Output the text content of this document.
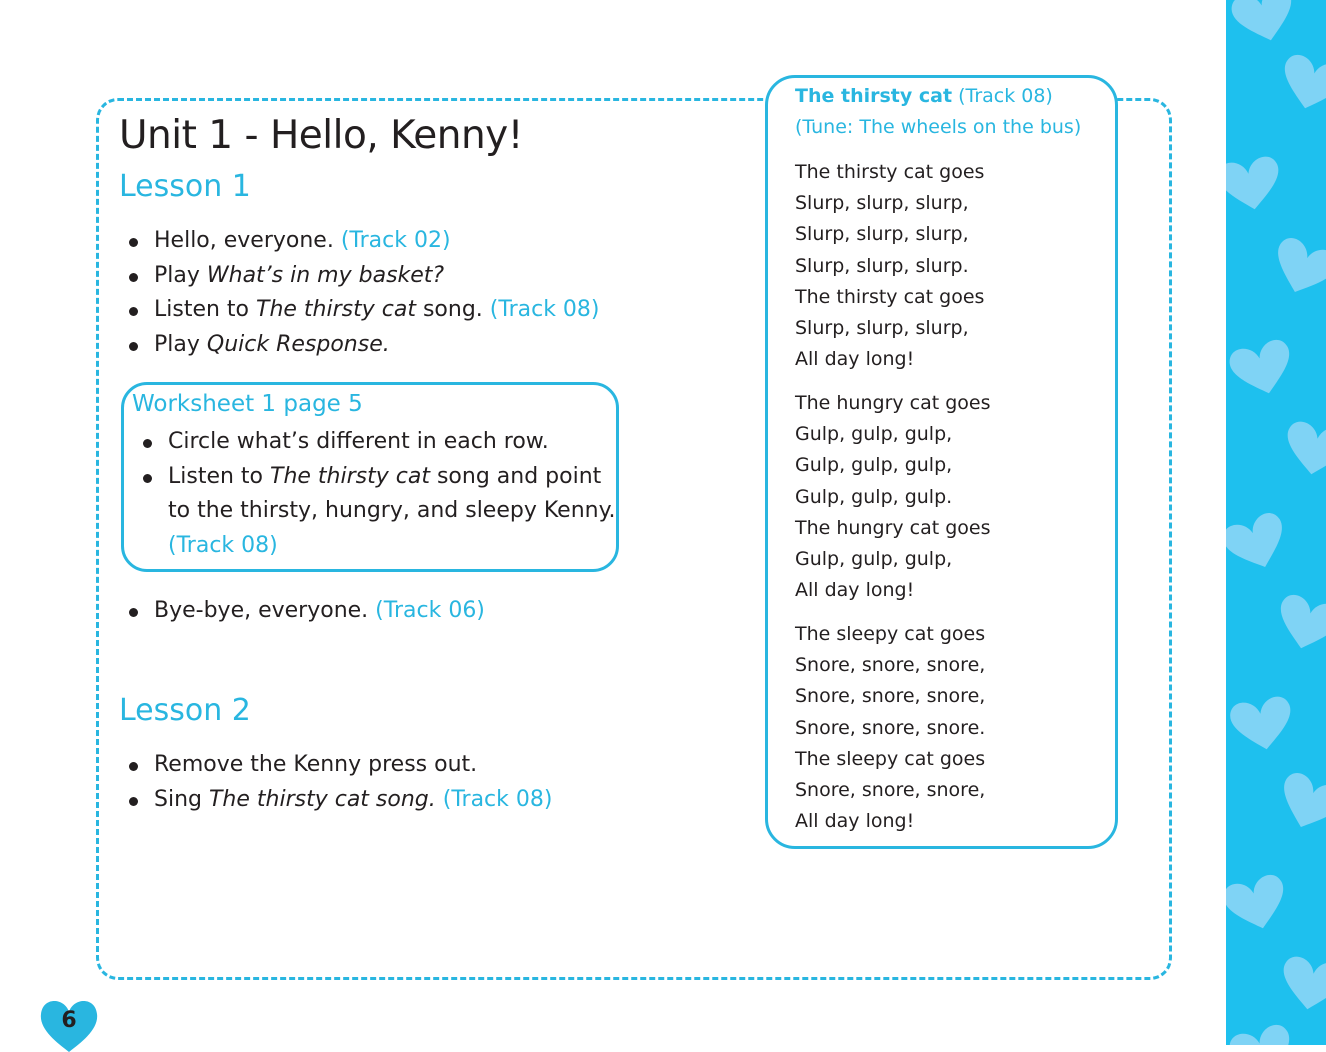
Unit 1 - Hello, Kenny!
Lesson 1
Hello, everyone. (Track 02)
Play What’s in my basket?
Listen to The thirsty cat song. (Track 08)
Play Quick Response.
Worksheet 1 page 5
Circle what’s different in each row.
Listen to The thirsty cat song and point
to the thirsty, hungry, and sleepy Kenny.
(Track 08)
Bye-bye, everyone. (Track 06)
Lesson 2
Remove the Kenny press out.
Sing The thirsty cat song. (Track 08)
The thirsty cat (Track 08)
(Tune: The wheels on the bus)
The thirsty cat goes
Slurp, slurp, slurp,
Slurp, slurp, slurp,
Slurp, slurp, slurp.
The thirsty cat goes
Slurp, slurp, slurp,
All day long!
The hungry cat goes
Gulp, gulp, gulp,
Gulp, gulp, gulp,
Gulp, gulp, gulp.
The hungry cat goes
Gulp, gulp, gulp,
All day long!
The sleepy cat goes
Snore, snore, snore,
Snore, snore, snore,
Snore, snore, snore.
The sleepy cat goes
Snore, snore, snore,
All day long!
6
